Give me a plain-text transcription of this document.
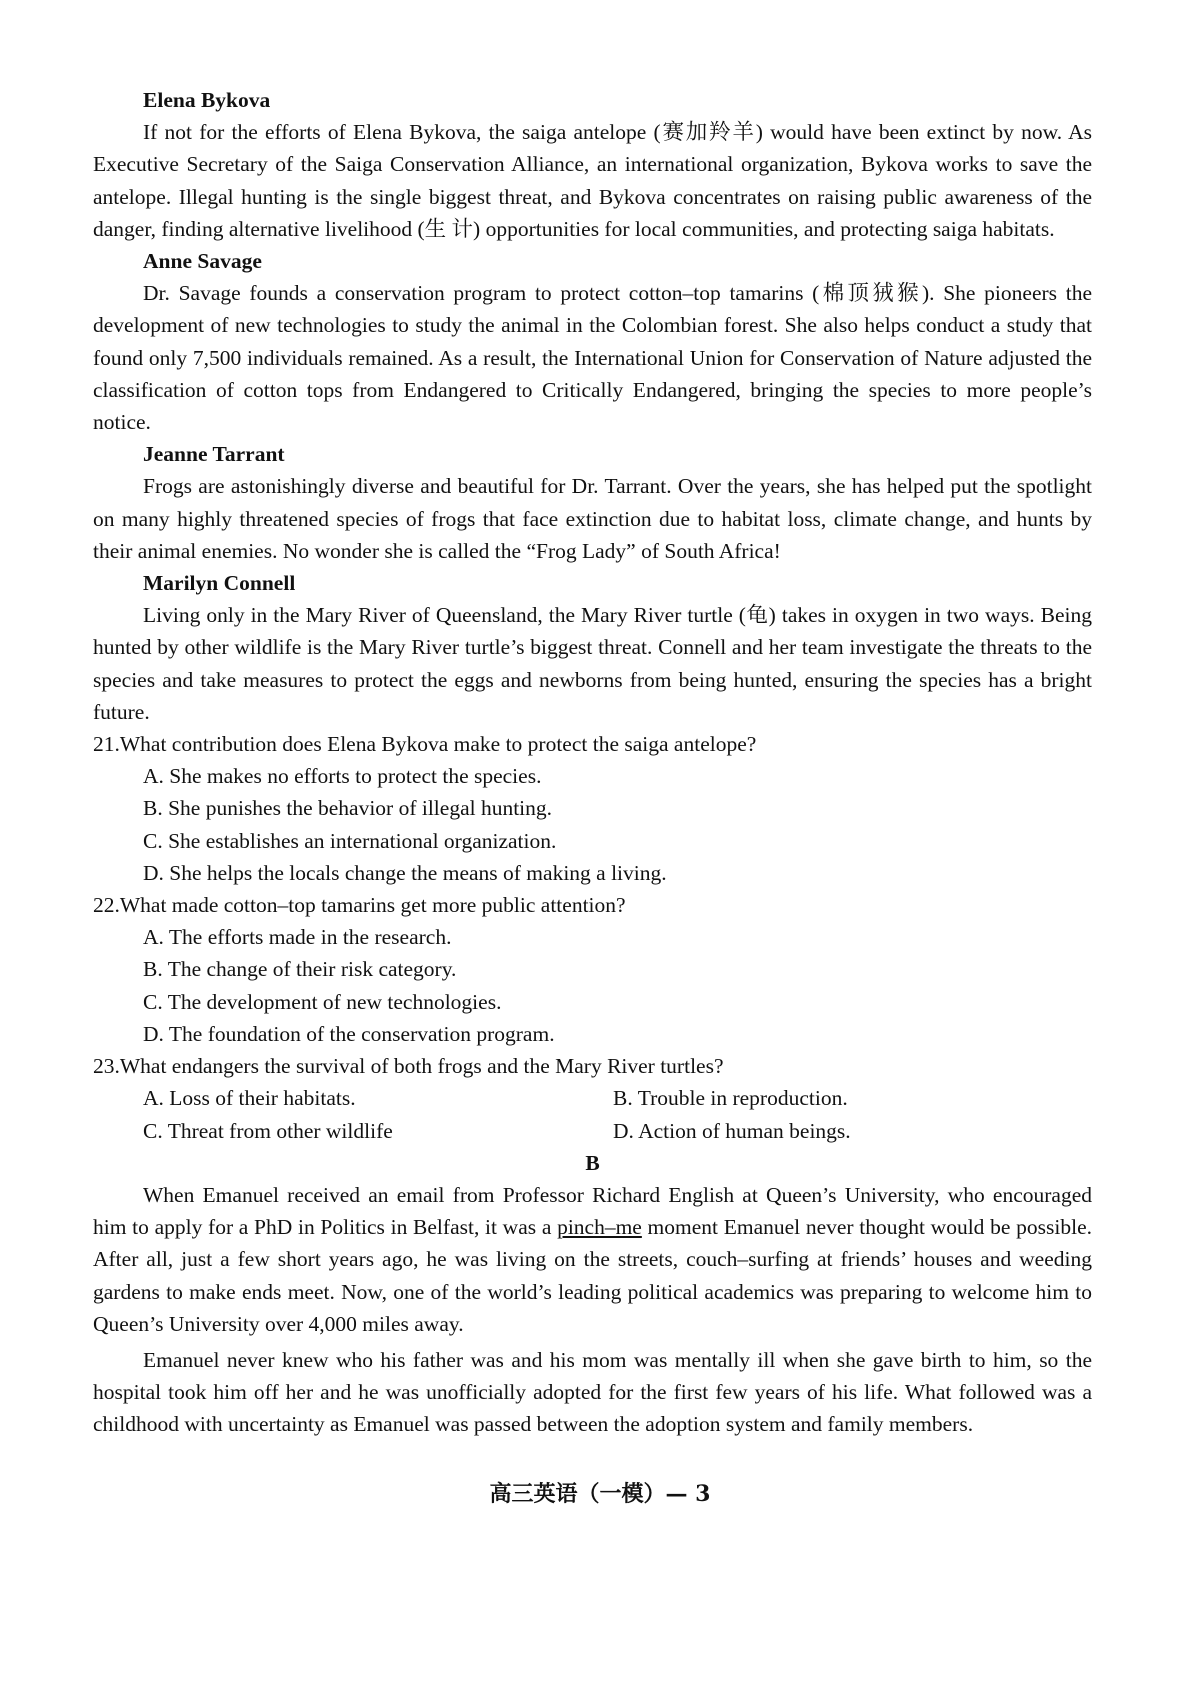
Elena Bykova

If not for the efforts of Elena Bykova, the saiga antelope (赛加羚羊) would have been extinct by now. As Executive Secretary of the Saiga Conservation Alliance, an international organization, Bykova works to save the antelope. Illegal hunting is the single biggest threat, and Bykova concentrates on raising public awareness of the danger, finding alternative livelihood (生 计) opportunities for local communities, and protecting saiga habitats.

Anne Savage

Dr. Savage founds a conservation program to protect cotton–top tamarins (棉顶狨猴). She pioneers the development of new technologies to study the animal in the Colombian forest. She also helps conduct a study that found only 7,500 individuals remained. As a result, the International Union for Conservation of Nature adjusted the classification of cotton tops from Endangered to Critically Endangered, bringing the species to more people’s notice.

Jeanne Tarrant

Frogs are astonishingly diverse and beautiful for Dr. Tarrant. Over the years, she has helped put the spotlight on many highly threatened species of frogs that face extinction due to habitat loss, climate change, and hunts by their animal enemies. No wonder she is called the “Frog Lady” of South Africa!

Marilyn Connell

Living only in the Mary River of Queensland, the Mary River turtle (龟) takes in oxygen in two ways. Being hunted by other wildlife is the Mary River turtle’s biggest threat. Connell and her team investigate the threats to the species and take measures to protect the eggs and newborns from being hunted, ensuring the species has a bright future.

21.What contribution does Elena Bykova make to protect the saiga antelope?

A. She makes no efforts to protect the species.

B. She punishes the behavior of illegal hunting.

C. She establishes an international organization.

D. She helps the locals change the means of making a living.

22.What made cotton–top tamarins get more public attention?

A. The efforts made in the research.

B. The change of their risk category.

C. The development of new technologies.

D. The foundation of the conservation program.

23.What endangers the survival of both frogs and the Mary River turtles?

A. Loss of their habitats.	B. Trouble in reproduction.
C. Threat from other wildlife	D. Action of human beings.

B

When Emanuel received an email from Professor Richard English at Queen’s University, who encouraged him to apply for a PhD in Politics in Belfast, it was a pinch–me moment Emanuel never thought would be possible. After all, just a few short years ago, he was living on the streets, couch–surfing at friends’ houses and weeding gardens to make ends meet. Now, one of the world’s leading political academics was preparing to welcome him to Queen’s University over 4,000 miles away.

Emanuel never knew who his father was and his mom was mentally ill when she gave birth to him, so the hospital took him off her and he was unofficially adopted for the first few years of his life. What followed was a childhood with uncertainty as Emanuel was passed between the adoption system and family members.

高三英语（一模）— 3
